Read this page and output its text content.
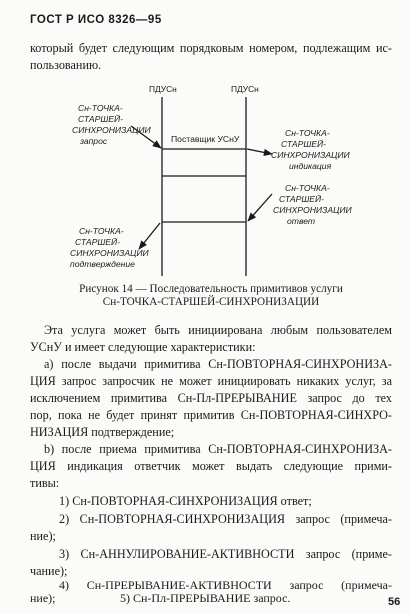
ГОСТ Р ИСО 8326—95
который будет следующим порядковым номером, подлежащим ис-
пользованию.
ПДУСн	ПДУСн
Поставщик УСнУ
Сн-ТОЧКА-
СТАРШЕЙ-
СИНХРОНИЗАЦИИ
запрос
Сн-ТОЧКА-
СТАРШЕЙ-
СИНХРОНИЗАЦИИ
индикация
Сн-ТОЧКА-
СТАРШЕЙ-
СИНХРОНИЗАЦИИ
ответ
Сн-ТОЧКА-
СТАРШЕЙ-
СИНХРОНИЗАЦИИ
подтверждение
Рисунок 14 — Последовательность примитивов услуги
Сн-ТОЧКА-СТАРШЕЙ-СИНХРОНИЗАЦИИ
Эта услуга может быть инициирована любым пользователем
УСнУ и имеет следующие характеристики:
а) после выдачи примитива Сн-ПОВТОРНАЯ-СИНХРОНИЗА-
ЦИЯ запрос запросчик не может инициировать никаких услуг, за
исключением примитива Сн-Пл-ПРЕРЫВАНИЕ запрос до тех
пор, пока не будет принят примитив Сн-ПОВТОРНАЯ-СИНХРО-
НИЗАЦИЯ подтверждение;
b) после приема примитива Сн-ПОВТОРНАЯ-СИНХРОНИЗА-
ЦИЯ индикация ответчик может выдать следующие прими-
тивы:
1) Сн-ПОВТОРНАЯ-СИНХРОНИЗАЦИЯ ответ;
2) Сн-ПОВТОРНАЯ-СИНХРОНИЗАЦИЯ запрос (примеча-
ние);
3) Сн-АННУЛИРОВАНИЕ-АКТИВНОСТИ запрос (приме-
чание);
4) Сн-ПРЕРЫВАНИЕ-АКТИВНОСТИ запрос (примеча-
ние);	5) Сн-Пл-ПРЕРЫВАНИЕ запрос.	56
